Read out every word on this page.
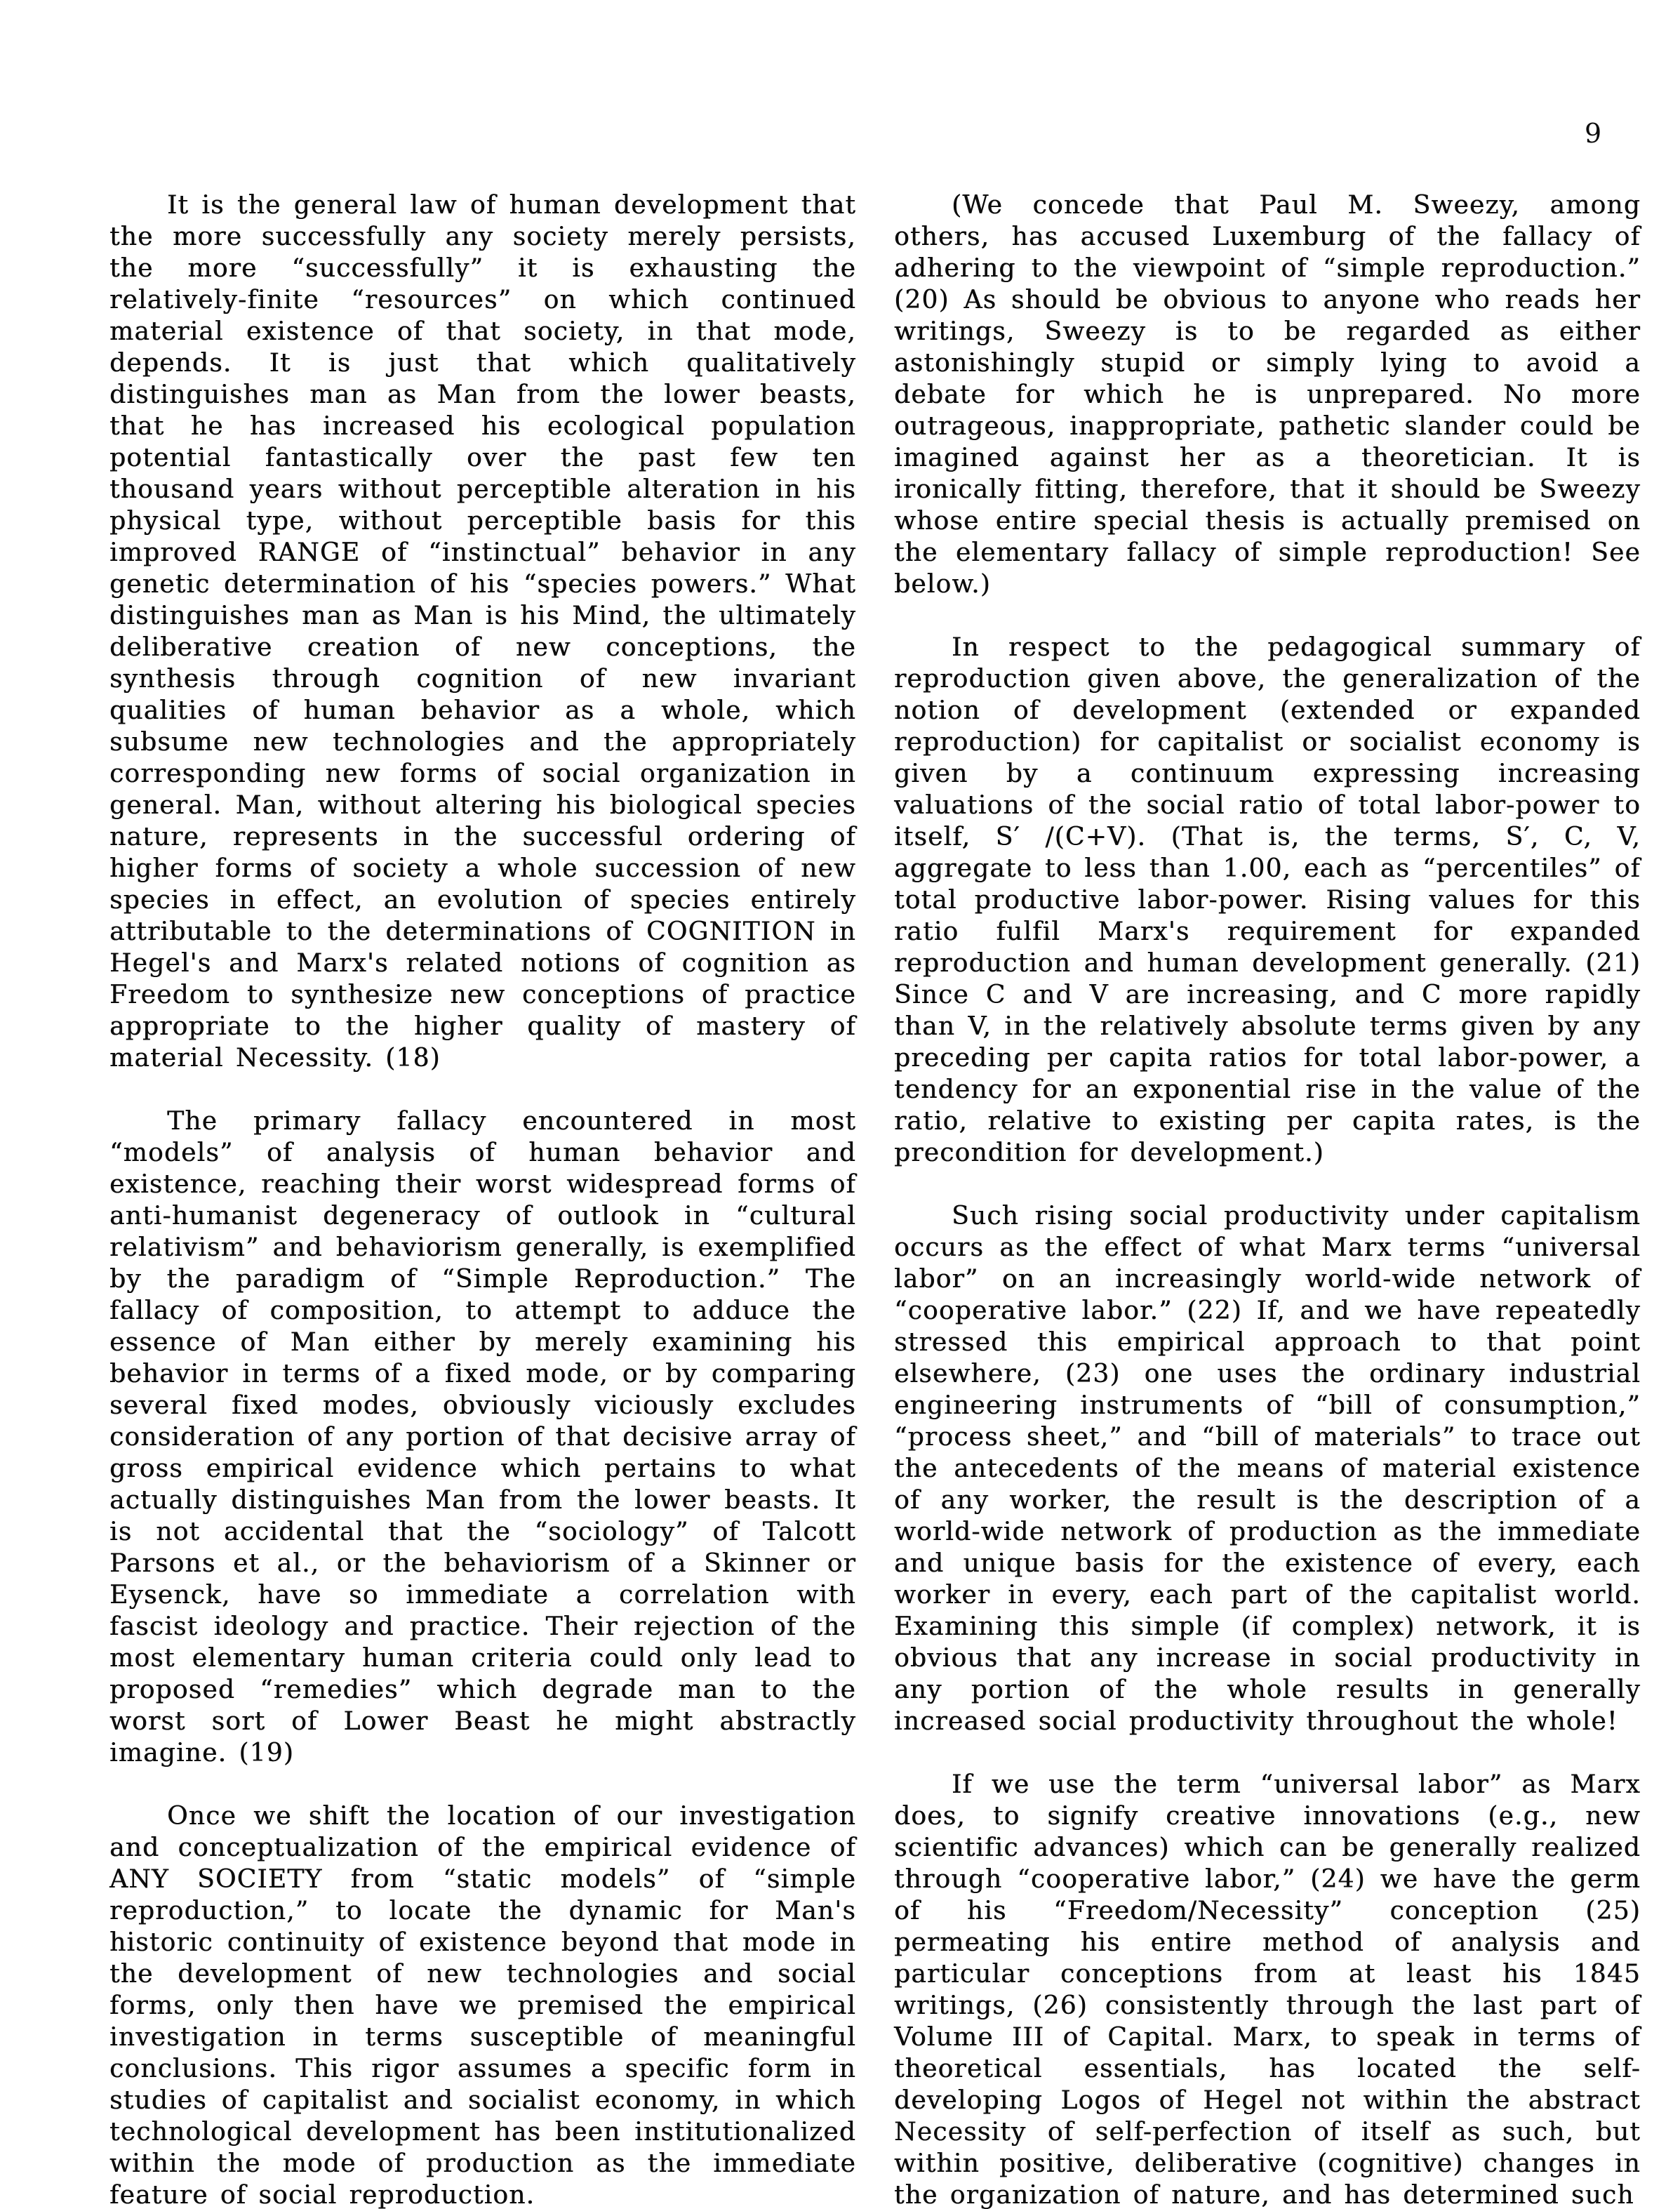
9

It is the general law of human development that the more successfully any society merely persists, the more “successfully” it is exhausting the relatively-finite “resources” on which continued material existence of that society, in that mode, depends. It is just that which qualitatively distinguishes man as Man from the lower beasts, that he has increased his ecological population potential fantastically over the past few ten thousand years without perceptible alteration in his physical type, without perceptible basis for this improved RANGE of “instinctual” behavior in any genetic determination of his “species powers.” What distinguishes man as Man is his Mind, the ultimately deliberative creation of new conceptions, the synthesis through cognition of new invariant qualities of human behavior as a whole, which subsume new technologies and the appropriately corresponding new forms of social organization in general. Man, without altering his biological species nature, represents in the successful ordering of higher forms of society a whole succession of new species in effect, an evolution of species entirely attributable to the determinations of COGNITION in Hegel's and Marx's related notions of cognition as Freedom to synthesize new conceptions of practice appropriate to the higher quality of mastery of material Necessity. (18)

The primary fallacy encountered in most “models” of analysis of human behavior and existence, reaching their worst widespread forms of anti-humanist degeneracy of outlook in “cultural relativism” and behaviorism generally, is exemplified by the paradigm of “Simple Reproduction.” The fallacy of composition, to attempt to adduce the essence of Man either by merely examining his behavior in terms of a fixed mode, or by comparing several fixed modes, obviously viciously excludes consideration of any portion of that decisive array of gross empirical evidence which pertains to what actually distinguishes Man from the lower beasts. It is not accidental that the “sociology” of Talcott Parsons et al., or the behaviorism of a Skinner or Eysenck, have so immediate a correlation with fascist ideology and practice. Their rejection of the most elementary human criteria could only lead to proposed “remedies” which degrade man to the worst sort of Lower Beast he might abstractly imagine. (19)

Once we shift the location of our investigation and conceptualization of the empirical evidence of ANY SOCIETY from “static models” of “simple reproduction,” to locate the dynamic for Man's historic continuity of existence beyond that mode in the development of new technologies and social forms, only then have we premised the empirical investigation in terms susceptible of meaningful conclusions. This rigor assumes a specific form in studies of capitalist and socialist economy, in which technological development has been institutionalized within the mode of production as the immediate feature of social reproduction.

(We concede that Paul M. Sweezy, among others, has accused Luxemburg of the fallacy of adhering to the viewpoint of “simple reproduction.” (20) As should be obvious to anyone who reads her writings, Sweezy is to be regarded as either astonishingly stupid or simply lying to avoid a debate for which he is unprepared. No more outrageous, inappropriate, pathetic slander could be imagined against her as a theoretician. It is ironically fitting, therefore, that it should be Sweezy whose entire special thesis is actually premised on the elementary fallacy of simple reproduction! See below.)

In respect to the pedagogical summary of reproduction given above, the generalization of the notion of development (extended or expanded reproduction) for capitalist or socialist economy is given by a continuum expressing increasing valuations of the social ratio of total labor-power to itself, S′ /(C+V). (That is, the terms, S′, C, V, aggregate to less than 1.00, each as “percentiles” of total productive labor-power. Rising values for this ratio fulfil Marx's requirement for expanded reproduction and human development generally. (21) Since C and V are increasing, and C more rapidly than V, in the relatively absolute terms given by any preceding per capita ratios for total labor-power, a tendency for an exponential rise in the value of the ratio, relative to existing per capita rates, is the precondition for development.)

Such rising social productivity under capitalism occurs as the effect of what Marx terms “universal labor” on an increasingly world-wide network of “cooperative labor.” (22) If, and we have repeatedly stressed this empirical approach to that point elsewhere, (23) one uses the ordinary industrial engineering instruments of “bill of consumption,” “process sheet,” and “bill of materials” to trace out the antecedents of the means of material existence of any worker, the result is the description of a world-wide network of production as the immediate and unique basis for the existence of every, each worker in every, each part of the capitalist world. Examining this simple (if complex) network, it is obvious that any increase in social productivity in any portion of the whole results in generally increased social productivity throughout the whole!

If we use the term “universal labor” as Marx does, to signify creative innovations (e.g., new scientific advances) which can be generally realized through “cooperative labor,” (24) we have the germ of his “Freedom/Necessity” conception (25) permeating his entire method of analysis and particular conceptions from at least his 1845 writings, (26) consistently through the last part of Volume III of Capital. Marx, to speak in terms of theoretical essentials, has located the self-developing Logos of Hegel not within the abstract Necessity of self-perfection of itself as such, but within positive, deliberative (cognitive) changes in the organization of nature, and has determined such
